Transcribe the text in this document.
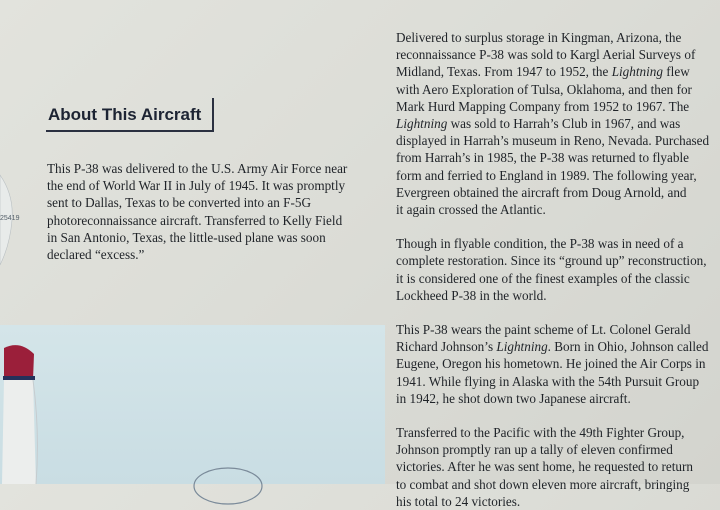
25419
About This Aircraft

This P-38 was delivered to the U.S. Army Air Force near
the end of World War II in July of 1945. It was promptly
sent to Dallas, Texas to be converted into an F-5G
photoreconnaissance aircraft. Transferred to Kelly Field
in San Antonio, Texas, the little-used plane was soon
declared “excess.”

Delivered to surplus storage in Kingman, Arizona, the
reconnaissance P-38 was sold to Kargl Aerial Surveys of
Midland, Texas. From 1947 to 1952, the Lightning flew
with Aero Exploration of Tulsa, Oklahoma, and then for
Mark Hurd Mapping Company from 1952 to 1967. The
Lightning was sold to Harrah’s Club in 1967, and was
displayed in Harrah’s museum in Reno, Nevada. Purchased
from Harrah’s in 1985, the P-38 was returned to flyable
form and ferried to England in 1989. The following year,
Evergreen obtained the aircraft from Doug Arnold, and
it again crossed the Atlantic.

Though in flyable condition, the P-38 was in need of a
complete restoration. Since its “ground up” reconstruction,
it is considered one of the finest examples of the classic
Lockheed P-38 in the world.

This P-38 wears the paint scheme of Lt. Colonel Gerald
Richard Johnson’s Lightning. Born in Ohio, Johnson called
Eugene, Oregon his hometown. He joined the Air Corps in
1941. While flying in Alaska with the 54th Pursuit Group
in 1942, he shot down two Japanese aircraft.

Transferred to the Pacific with the 49th Fighter Group,
Johnson promptly ran up a tally of eleven confirmed
victories. After he was sent home, he requested to return
to combat and shot down eleven more aircraft, bringing
his total to 24 victories.
